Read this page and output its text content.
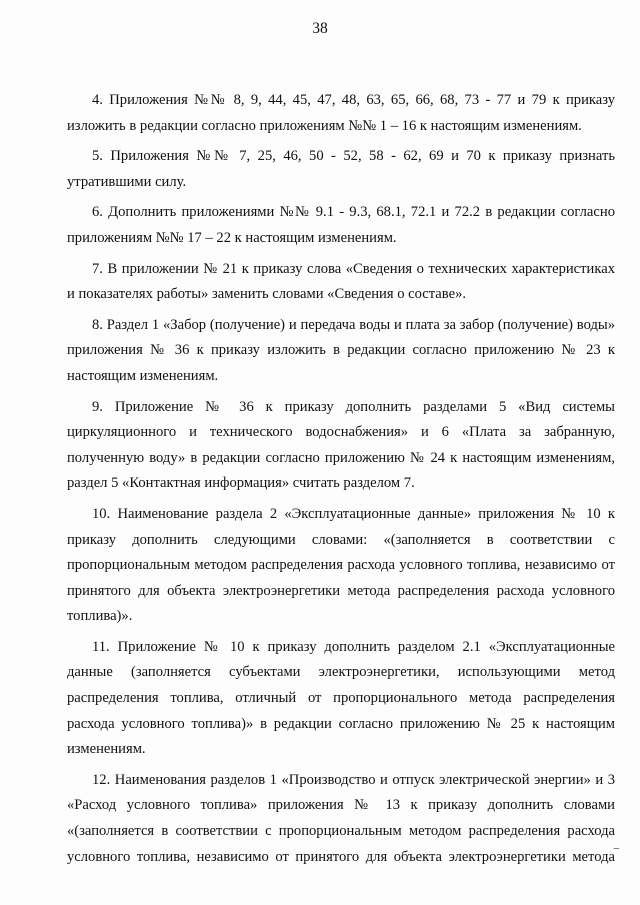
38

4. Приложения №№ 8, 9, 44, 45, 47, 48, 63, 65, 66, 68, 73 - 77 и 79 к приказу изложить в редакции согласно приложениям №№ 1 – 16 к настоящим изменениям.

5. Приложения №№ 7, 25, 46, 50 - 52, 58 - 62, 69 и 70 к приказу признать утратившими силу.

6. Дополнить приложениями №№ 9.1 - 9.3, 68.1, 72.1 и 72.2 в редакции согласно приложениям №№ 17 – 22 к настоящим изменениям.

7. В приложении № 21 к приказу слова «Сведения о технических характеристиках и показателях работы» заменить словами «Сведения о составе».

8. Раздел 1 «Забор (получение) и передача воды и плата за забор (получение) воды» приложения № 36 к приказу изложить в редакции согласно приложению № 23 к настоящим изменениям.

9. Приложение № 36 к приказу дополнить разделами 5 «Вид системы циркуляционного и технического водоснабжения» и 6 «Плата за забранную, полученную воду» в редакции согласно приложению № 24 к настоящим изменениям, раздел 5 «Контактная информация» считать разделом 7.

10. Наименование раздела 2 «Эксплуатационные данные» приложения № 10 к приказу дополнить следующими словами: «(заполняется в соответствии с пропорциональным методом распределения расхода условного топлива, независимо от принятого для объекта электроэнергетики метода распределения расхода условного топлива)».

11. Приложение № 10 к приказу дополнить разделом 2.1 «Эксплуатационные данные (заполняется субъектами электроэнергетики, использующими метод распределения топлива, отличный от пропорционального метода распределения расхода условного топлива)» в редакции согласно приложению № 25 к настоящим изменениям.

12. Наименования разделов 1 «Производство и отпуск электрической энергии» и 3 «Расход условного топлива» приложения № 13 к приказу дополнить словами «(заполняется в соответствии с пропорциональным методом распределения расхода условного топлива, независимо от принятого для объекта электроэнергетики метода ‾
